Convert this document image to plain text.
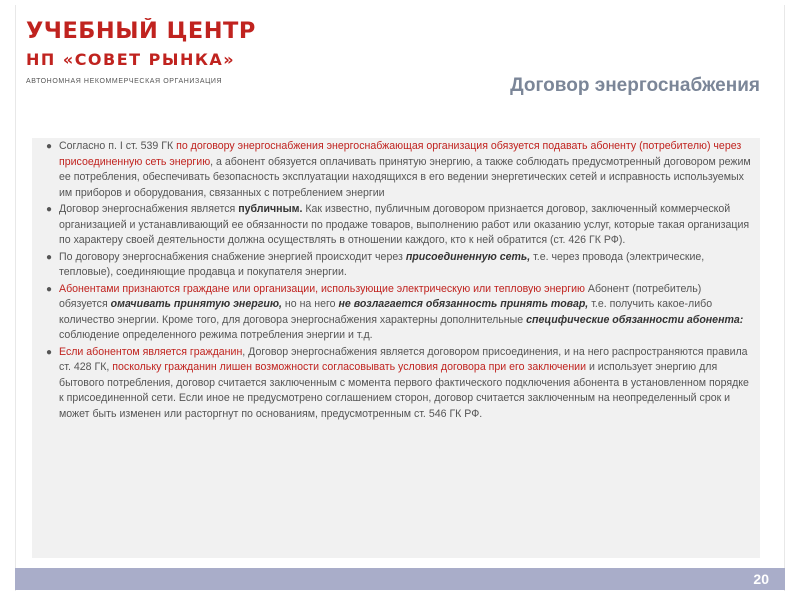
УЧЕБНЫЙ ЦЕНТР
НП «СОВЕТ РЫНКА»
АВТОНОМНАЯ НЕКОММЕРЧЕСКАЯ ОРГАНИЗАЦИЯ	Договор энергоснабжения
● Согласно п. I ст. 539 ГК по договору энергоснабжения энергоснабжающая организация обязуется подавать абоненту (потребителю) через присоединенную сеть энергию, а абонент обязуется оплачивать принятую энергию, а также соблюдать предусмотренный договором режим ее потребления, обеспечивать безопасность эксплуатации находящихся в его ведении энергетических сетей и исправность используемых им приборов и оборудования, связанных с потреблением энергии
● Договор энергоснабжения является публичным. Как известно, публичным договором признается договор, заключенный коммерческой организацией и устанавливающий ее обязанности по продаже товаров, выполнению работ или оказанию услуг, которые такая организация по характеру своей деятельности должна осуществлять в отношении каждого, кто к ней обратится (ст. 426 ГК РФ).
● По договору энергоснабжения снабжение энергией происходит через присоединенную сеть, т.е. через провода (электрические, тепловые), соединяющие продавца и покупателя энергии.
● Абонентами признаются граждане или организации, использующие электрическую или тепловую энергию Абонент (потребитель) обязуется омачивать принятую энергию, но на него не возлагается обязанность принять товар, т.е. получить какое-либо количество энергии. Кроме того, для договора энергоснабжения характерны дополнительные специфические обязанности абонента: соблюдение определенного режима потребления энергии и т.д.
● Если абонентом является гражданин, Договор энергоснабжения является договором присоединения, и на него распространяются правила ст. 428 ГК, поскольку гражданин лишен возможности согласовывать условия договора при его заключении и использует энергию для бытового потребления, договор считается заключенным с момента первого фактического подключения абонента в установленном порядке к присоединенной сети. Если иное не предусмотрено соглашением сторон, договор считается заключенным на неопределенный срок и может быть изменен или расторгнут по основаниям, предусмотренным ст. 546 ГК РФ.
20
